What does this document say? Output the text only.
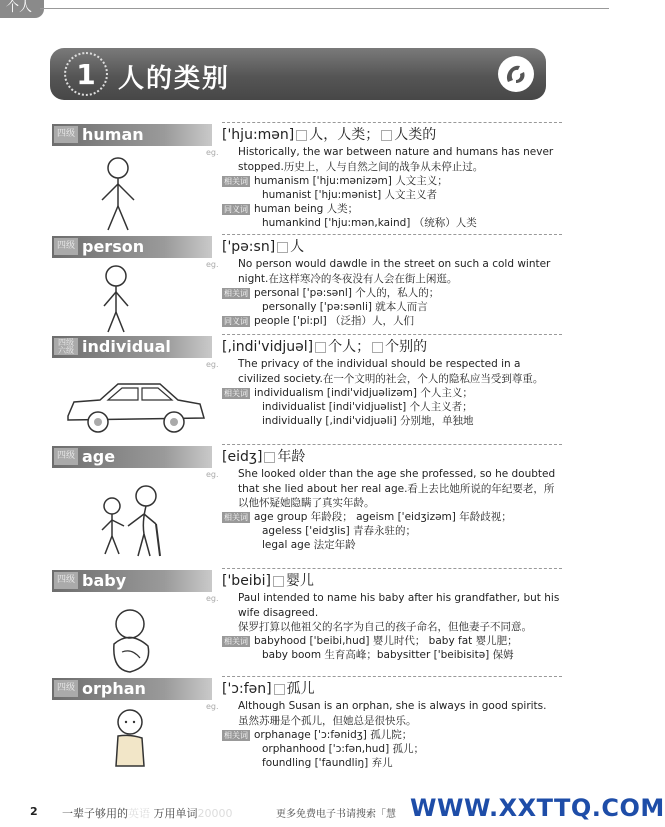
个人
1 人的类别
四级 human	['hju:mən] 人，人类； 人类的
eg. Historically, the war between nature and humans has never stopped.历史上，人与自然之间的战争从未停止过。
相关词 humanism ['hju:mənizəm] 人文主义；
humanist ['hju:mənist] 人文主义者
同义词 human being 人类；
humankind ['hju:mən,kaind] （统称）人类
四级 person	['pə:sn] 人
eg. No person would dawdle in the street on such a cold winter night.在这样寒冷的冬夜没有人会在街上闲逛。
相关词 personal ['pə:sənl] 个人的，私人的；
personally ['pə:sənli] 就本人而言
同义词 people ['pi:pl] （泛指）人，人们
四级 六级 individual	[,indi'vidjuəl] 个人； 个别的
eg. The privacy of the individual should be respected in a civilized society.在一个文明的社会，个人的隐私应当受到尊重。
相关词 individualism [indi'vidjuəlizəm] 个人主义；
individualist [indi'vidjuəlist] 个人主义者；
individually [,indi'vidjuəli] 分别地，单独地
四级 age	[eidʒ] 年龄
eg. She looked older than the age she professed, so he doubted that she lied about her real age.看上去比她所说的年纪要老，所以他怀疑她隐瞒了真实年龄。
相关词 age group 年龄段； ageism ['eidʒizəm] 年龄歧视；
ageless ['eidʒlis] 青春永驻的；
legal age 法定年龄
四级 baby	['beibi] 婴儿
eg. Paul intended to name his baby after his grandfather, but his wife disagreed.
保罗打算以他祖父的名字为自己的孩子命名，但他妻子不同意。
相关词 babyhood ['beibi,hud] 婴儿时代； baby fat 婴儿肥；
baby boom 生育高峰；babysitter ['beibisitə] 保姆
四级 orphan	['ɔ:fən] 孤儿
eg. Although Susan is an orphan, she is always in good spirits.
虽然苏珊是个孤儿，但她总是很快乐。
相关词 orphanage ['ɔ:fənidʒ] 孤儿院；
orphanhood ['ɔ:fən,hud] 孤儿；
foundling ['faundliŋ] 弃儿
2 一辈子够用的英语 万用单词20000	更多免费电子书请搜索「慧 WWW.XXTTQ.COM
